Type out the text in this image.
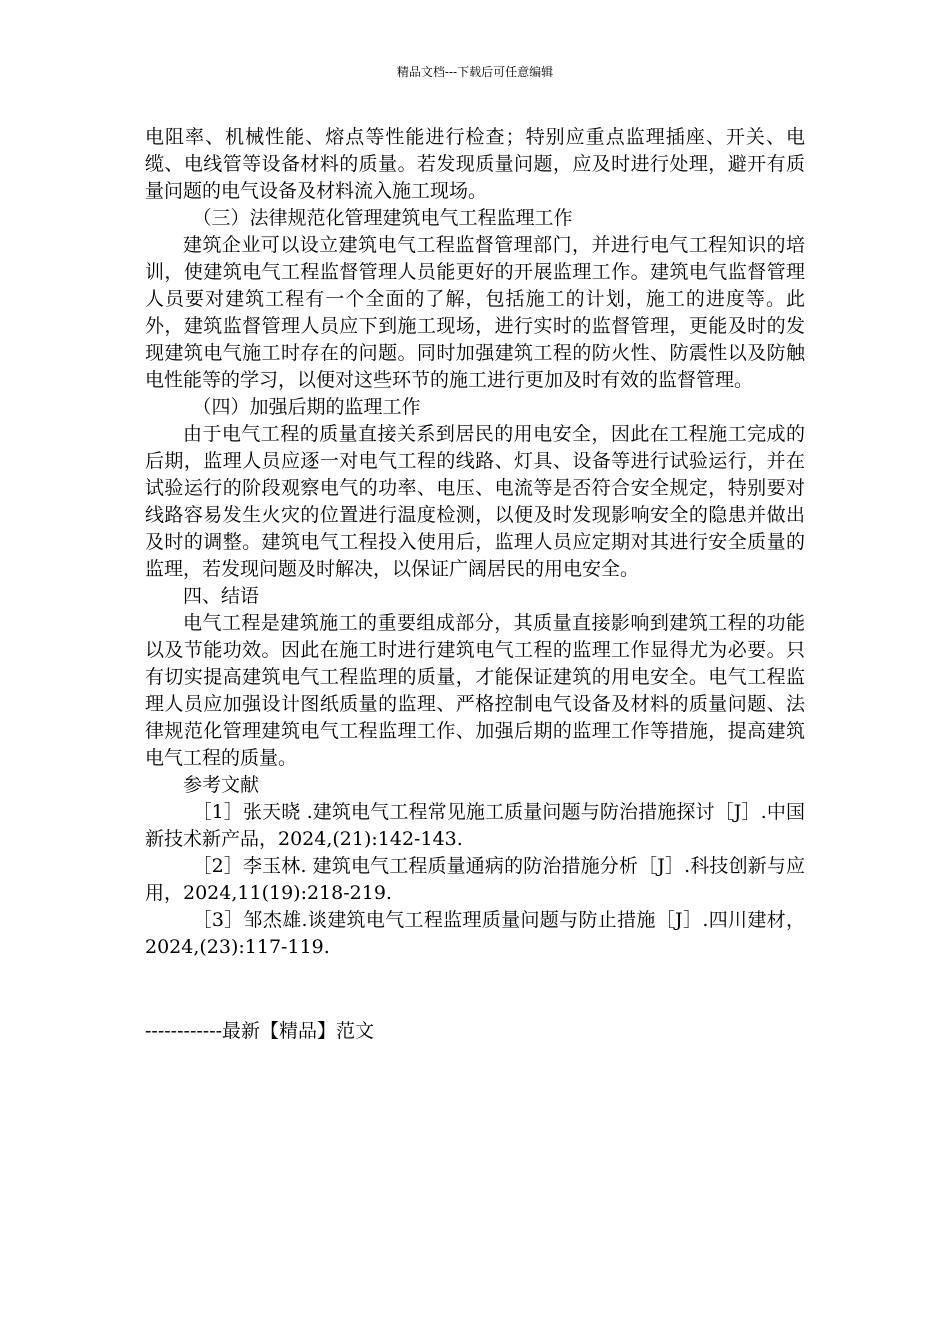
精品文档---下载后可任意编辑

电阻率、机械性能、熔点等性能进行检查；特别应重点监理插座、开关、电缆、电线管等设备材料的质量。若发现质量问题，应及时进行处理，避开有质量问题的电气设备及材料流入施工现场。

（三）法律规范化管理建筑电气工程监理工作

建筑企业可以设立建筑电气工程监督管理部门，并进行电气工程知识的培训，使建筑电气工程监督管理人员能更好的开展监理工作。建筑电气监督管理人员要对建筑工程有一个全面的了解，包括施工的计划，施工的进度等。此外，建筑监督管理人员应下到施工现场，进行实时的监督管理，更能及时的发现建筑电气施工时存在的问题。同时加强建筑工程的防火性、防震性以及防触电性能等的学习，以便对这些环节的施工进行更加及时有效的监督管理。

（四）加强后期的监理工作

由于电气工程的质量直接关系到居民的用电安全，因此在工程施工完成的后期，监理人员应逐一对电气工程的线路、灯具、设备等进行试验运行，并在试验运行的阶段观察电气的功率、电压、电流等是否符合安全规定，特别要对线路容易发生火灾的位置进行温度检测，以便及时发现影响安全的隐患并做出及时的调整。建筑电气工程投入使用后，监理人员应定期对其进行安全质量的监理，若发现问题及时解决，以保证广阔居民的用电安全。

四、结语

电气工程是建筑施工的重要组成部分，其质量直接影响到建筑工程的功能以及节能功效。因此在施工时进行建筑电气工程的监理工作显得尤为必要。只有切实提高建筑电气工程监理的质量，才能保证建筑的用电安全。电气工程监理人员应加强设计图纸质量的监理、严格控制电气设备及材料的质量问题、法律规范化管理建筑电气工程监理工作、加强后期的监理工作等措施，提高建筑电气工程的质量。

参考文献

［1］张天晓 .建筑电气工程常见施工质量问题与防治措施探讨［J］.中国新技术新产品，2024,(21):142-143.

［2］李玉林. 建筑电气工程质量通病的防治措施分析［J］.科技创新与应用，2024,11(19):218-219.

［3］邹杰雄.谈建筑电气工程监理质量问题与防止措施［J］.四川建材，2024,(23):117-119.

------------最新【精品】范文
